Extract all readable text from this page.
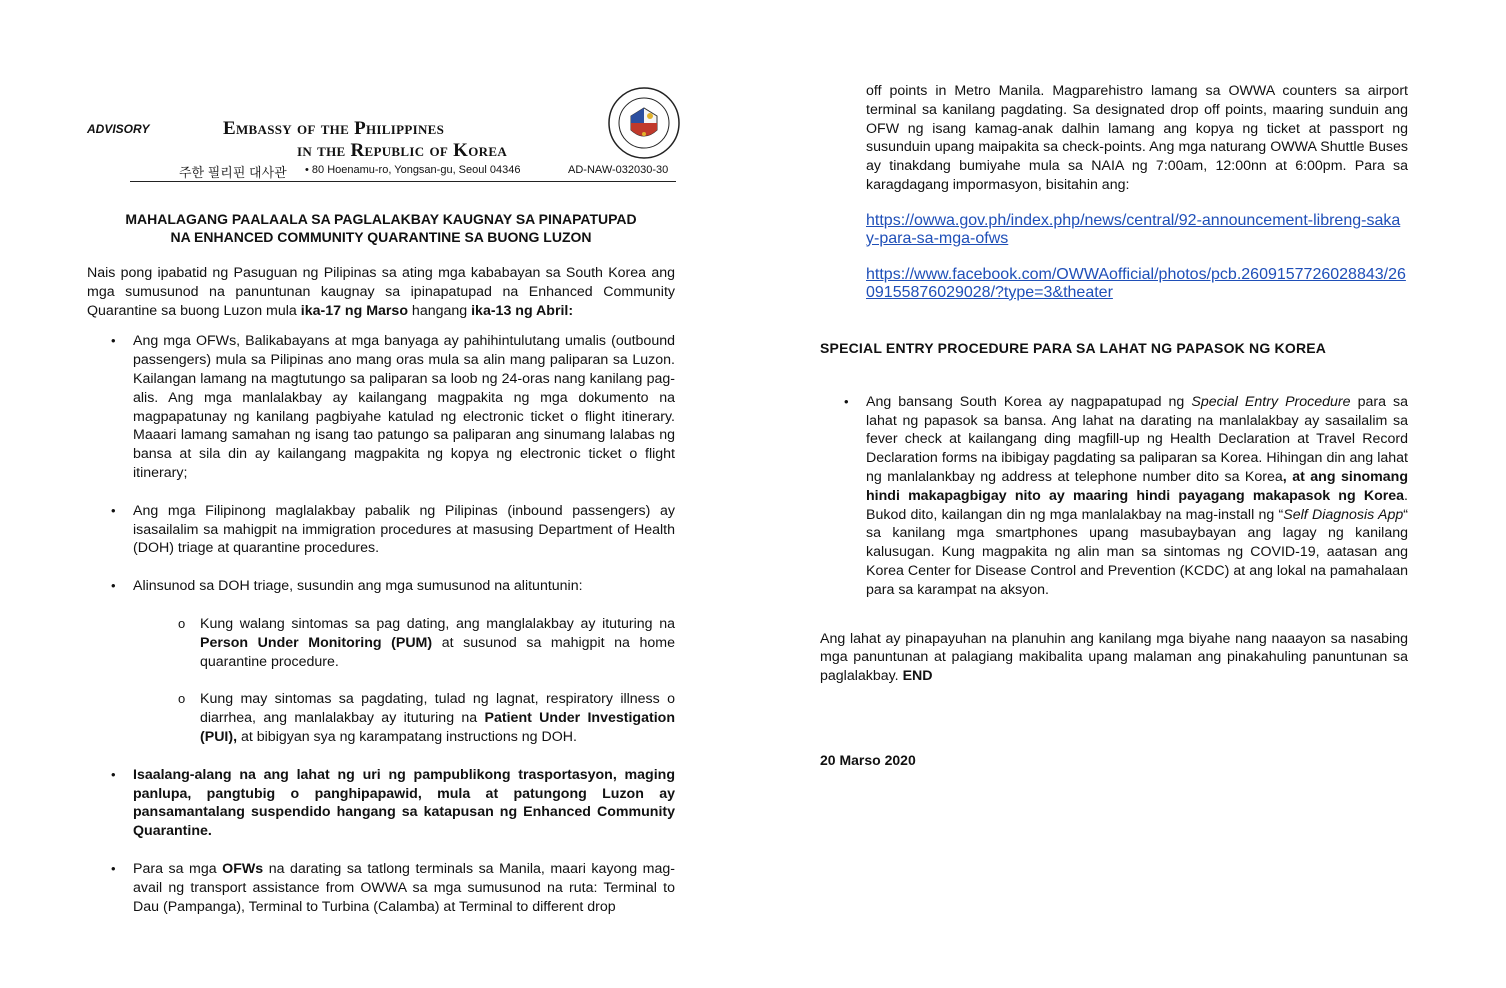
ADVISORY	Embassy of the Philippines
in the Republic of Korea
주한 필리핀 대사관 • 80 Hoenamu-ro, Yongsan-gu, Seoul 04346	AD-NAW-032030-30
MAHALAGANG PAALAALA SA PAGLALAKBAY KAUGNAY SA PINAPATUPAD
NA ENHANCED COMMUNITY QUARANTINE SA BUONG LUZON

Nais pong ipabatid ng Pasuguan ng Pilipinas sa ating mga kababayan sa South Korea ang mga sumusunod na panuntunan kaugnay sa ipinapatupad na Enhanced Community Quarantine sa buong Luzon mula ika-17 ng Marso hangang ika-13 ng Abril:

• Ang mga OFWs, Balikabayans at mga banyaga ay pahihintulutang umalis (outbound passengers) mula sa Pilipinas ano mang oras mula sa alin mang paliparan sa Luzon. Kailangan lamang na magtutungo sa paliparan sa loob ng 24-oras nang kanilang pag-alis. Ang mga manlalakbay ay kailangang magpakita ng mga dokumento na magpapatunay ng kanilang pagbiyahe katulad ng electronic ticket o flight itinerary. Maaari lamang samahan ng isang tao patungo sa paliparan ang sinumang lalabas ng bansa at sila din ay kailangang magpakita ng kopya ng electronic ticket o flight itinerary;
• Ang mga Filipinong maglalakbay pabalik ng Pilipinas (inbound passengers) ay isasailalim sa mahigpit na immigration procedures at masusing Department of Health (DOH) triage at quarantine procedures.
• Alinsunod sa DOH triage, susundin ang mga sumusunod na alituntunin:
o Kung walang sintomas sa pag dating, ang manglalakbay ay ituturing na Person Under Monitoring (PUM) at susunod sa mahigpit na home quarantine procedure.
o Kung may sintomas sa pagdating, tulad ng lagnat, respiratory illness o diarrhea, ang manlalakbay ay ituturing na Patient Under Investigation (PUI), at bibigyan sya ng karampatang instructions ng DOH.
• Isaalang-alang na ang lahat ng uri ng pampublikong trasportasyon, maging panlupa, pangtubig o panghipapawid, mula at patungong Luzon ay pansamantalang suspendido hangang sa katapusan ng Enhanced Community Quarantine.
• Para sa mga OFWs na darating sa tatlong terminals sa Manila, maari kayong mag-avail ng transport assistance from OWWA sa mga sumusunod na ruta: Terminal to Dau (Pampanga), Terminal to Turbina (Calamba) at Terminal to different drop

off points in Metro Manila. Magparehistro lamang sa OWWA counters sa airport terminal sa kanilang pagdating. Sa designated drop off points, maaring sunduin ang OFW ng isang kamag-anak dalhin lamang ang kopya ng ticket at passport ng susunduin upang maipakita sa check-points. Ang mga naturang OWWA Shuttle Buses ay tinakdang bumiyahe mula sa NAIA ng 7:00am, 12:00nn at 6:00pm. Para sa karagdagang impormasyon, bisitahin ang:

https://owwa.gov.ph/index.php/news/central/92-announcement-libreng-sakay-para-sa-mga-ofws
https://www.facebook.com/OWWAofficial/photos/pcb.2609157726028843/2609155876029028/?type=3&theater
SPECIAL ENTRY PROCEDURE PARA SA LAHAT NG PAPASOK NG KOREA
• Ang bansang South Korea ay nagpapatupad ng Special Entry Procedure para sa lahat ng papasok sa bansa. Ang lahat na darating na manlalakbay ay sasailalim sa fever check at kailangang ding magfill-up ng Health Declaration at Travel Record Declaration forms na ibibigay pagdating sa paliparan sa Korea. Hihingan din ang lahat ng manlalankbay ng address at telephone number dito sa Korea, at ang sinomang hindi makapagbigay nito ay maaring hindi payagang makapasok ng Korea. Bukod dito, kailangan din ng mga manlalakbay na mag-install ng “Self Diagnosis App“ sa kanilang mga smartphones upang masubaybayan ang lagay ng kanilang kalusugan. Kung magpakita ng alin man sa sintomas ng COVID-19, aatasan ang Korea Center for Disease Control and Prevention (KCDC) at ang lokal na pamahalaan para sa karampat na aksyon.

Ang lahat ay pinapayuhan na planuhin ang kanilang mga biyahe nang naaayon sa nasabing mga panuntunan at palagiang makibalita upang malaman ang pinakahuling panuntunan sa paglalakbay. END

20 Marso 2020
